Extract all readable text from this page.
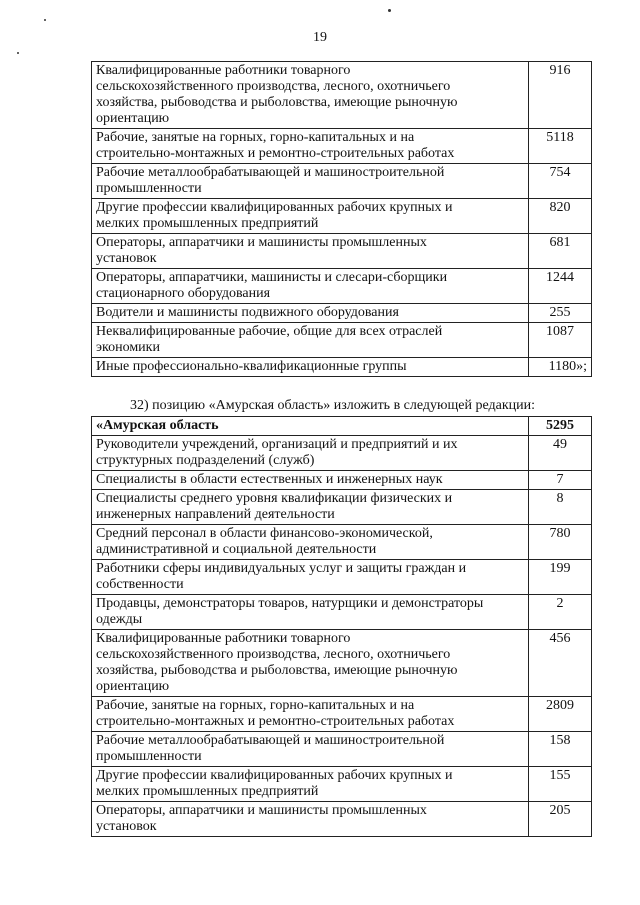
19
Квалифицированные работники товарного
сельскохозяйственного производства, лесного, охотничьего
хозяйства, рыбоводства и рыболовства, имеющие рыночную
ориентацию	916
Рабочие, занятые на горных, горно-капитальных и на
строительно-монтажных и ремонтно-строительных работах	5118
Рабочие металлообрабатывающей и машиностроительной
промышленности	754
Другие профессии квалифицированных рабочих крупных и
мелких промышленных предприятий	820
Операторы, аппаратчики и машинисты промышленных
установок	681
Операторы, аппаратчики, машинисты и слесари-сборщики
стационарного оборудования	1244
Водители и машинисты подвижного оборудования	255
Неквалифицированные рабочие, общие для всех отраслей
экономики	1087
Иные профессионально-квалификационные группы	1180»;
32) позицию «Амурская область» изложить в следующей редакции:
«Амурская область	5295
Руководители учреждений, организаций и предприятий и их
структурных подразделений (служб)	49
Специалисты в области естественных и инженерных наук	7
Специалисты среднего уровня квалификации физических и
инженерных направлений деятельности	8
Средний персонал в области финансово-экономической,
административной и социальной деятельности	780
Работники сферы индивидуальных услуг и защиты граждан и
собственности	199
Продавцы, демонстраторы товаров, натурщики и демонстраторы
одежды	2
Квалифицированные работники товарного
сельскохозяйственного производства, лесного, охотничьего
хозяйства, рыбоводства и рыболовства, имеющие рыночную
ориентацию	456
Рабочие, занятые на горных, горно-капитальных и на
строительно-монтажных и ремонтно-строительных работах	2809
Рабочие металлообрабатывающей и машиностроительной
промышленности	158
Другие профессии квалифицированных рабочих крупных и
мелких промышленных предприятий	155
Операторы, аппаратчики и машинисты промышленных
установок	205
